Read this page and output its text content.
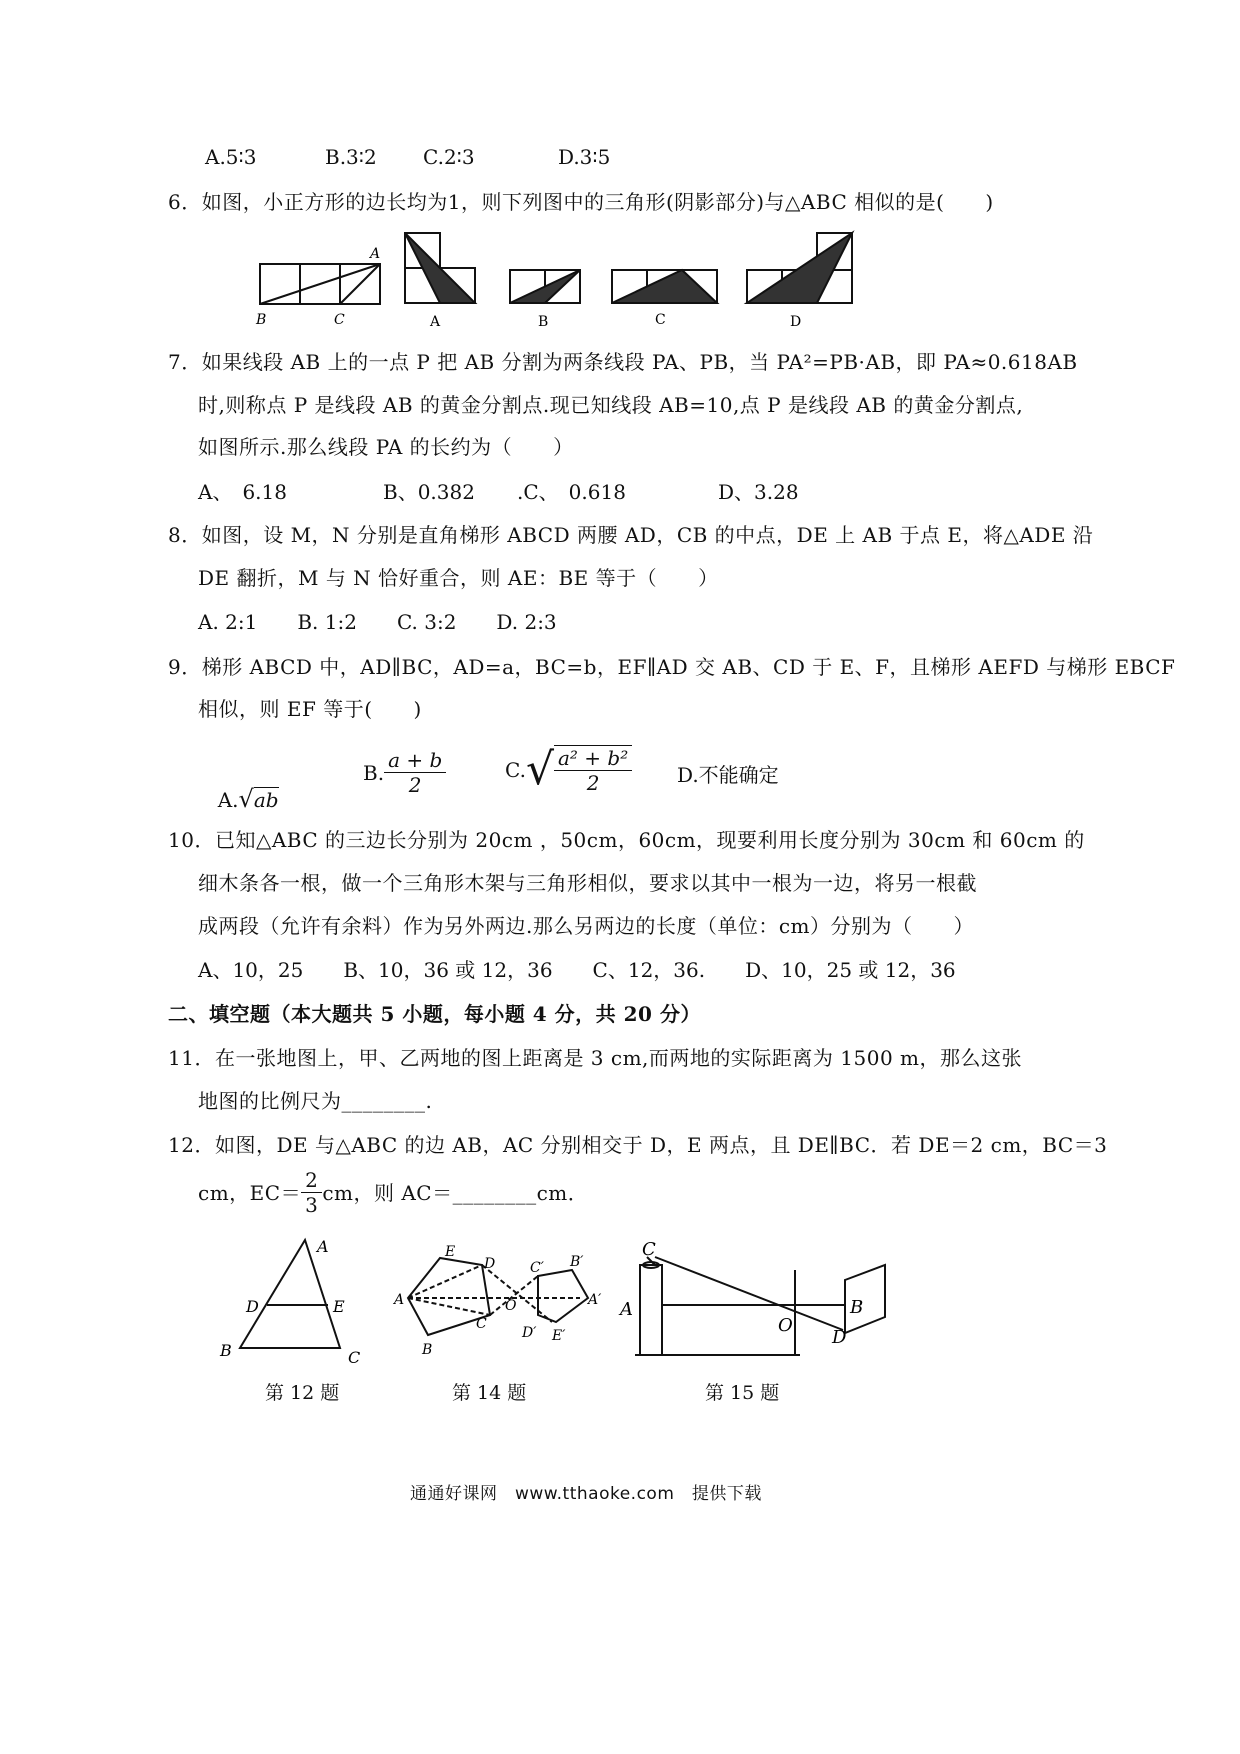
A.5∶3	B.3∶2 C.2∶3	D.3∶5
6．如图，小正方形的边长均为1，则下列图中的三角形(阴影部分)与△ABC 相似的是(　　)
A
B	C	A	B	C	D
7．如果线段 AB 上的一点 P 把 AB 分割为两条线段 PA、PB，当 PA²=PB·AB，即 PA≈0.618AB
时,则称点 P 是线段 AB 的黄金分割点.现已知线段 AB=10,点 P 是线段 AB 的黄金分割点,
如图所示.那么线段 PA 的长约为（　　）
A、　6.18	B、0.382 .C、　0.618	D、3.28
8．如图，设 M，N 分别是直角梯形 ABCD 两腰 AD，CB 的中点，DE 上 AB 于点 E，将△ADE 沿
DE 翻折，M 与 N 恰好重合，则 AE：BE 等于（　　）
A. 2:1　　B. 1:2　　C. 3:2　　D. 2:3
9．梯形 ABCD 中，AD∥BC，AD=a，BC=b，EF∥AD 交 AB、CD 于 E、F，且梯形 AEFD 与梯形 EBCF
相似，则 EF 等于(　　)

A.√ab

B. $\frac{a + b}{2}$	C. √ $\frac{\text{a² + b²}}{2} D$.不能确定
10．已知△ABC 的三边长分别为 20cm ，50cm，60cm，现要利用长度分别为 30cm 和 60cm 的
细木条各一根，做一个三角形木架与三角形相似，要求以其中一根为一边，将另一根截
成两段（允许有余料）作为另外两边.那么另两边的长度（单位：cm）分别为（　　）
A、10，25　　B、10，36 或 12，36　　C、12，36.　　D、10，25 或 12，36
二、填空题（本大题共 5 小题，每小题 4 分，共 20 分）
11．在一张地图上，甲、乙两地的图上距离是 3 cm,而两地的实际距离为 1500 m，那么这张
地图的比例尺为________.
12．如图，DE 与△ABC 的边 AB，AC 分别相交于 D，E 两点，且 DE∥BC．若 DE＝2 cm，BC＝3
cm，$EC= \frac{2}{3}$ cm，则 AC＝________cm．
A
D	E
B	C
第 12 题
E
D
A
C
B
O
C′ B′
A′
D′ E′
第 14 题
C
A
O
B
D
第 15 题
通通好课网　www.tthaoke.com　提供下载
